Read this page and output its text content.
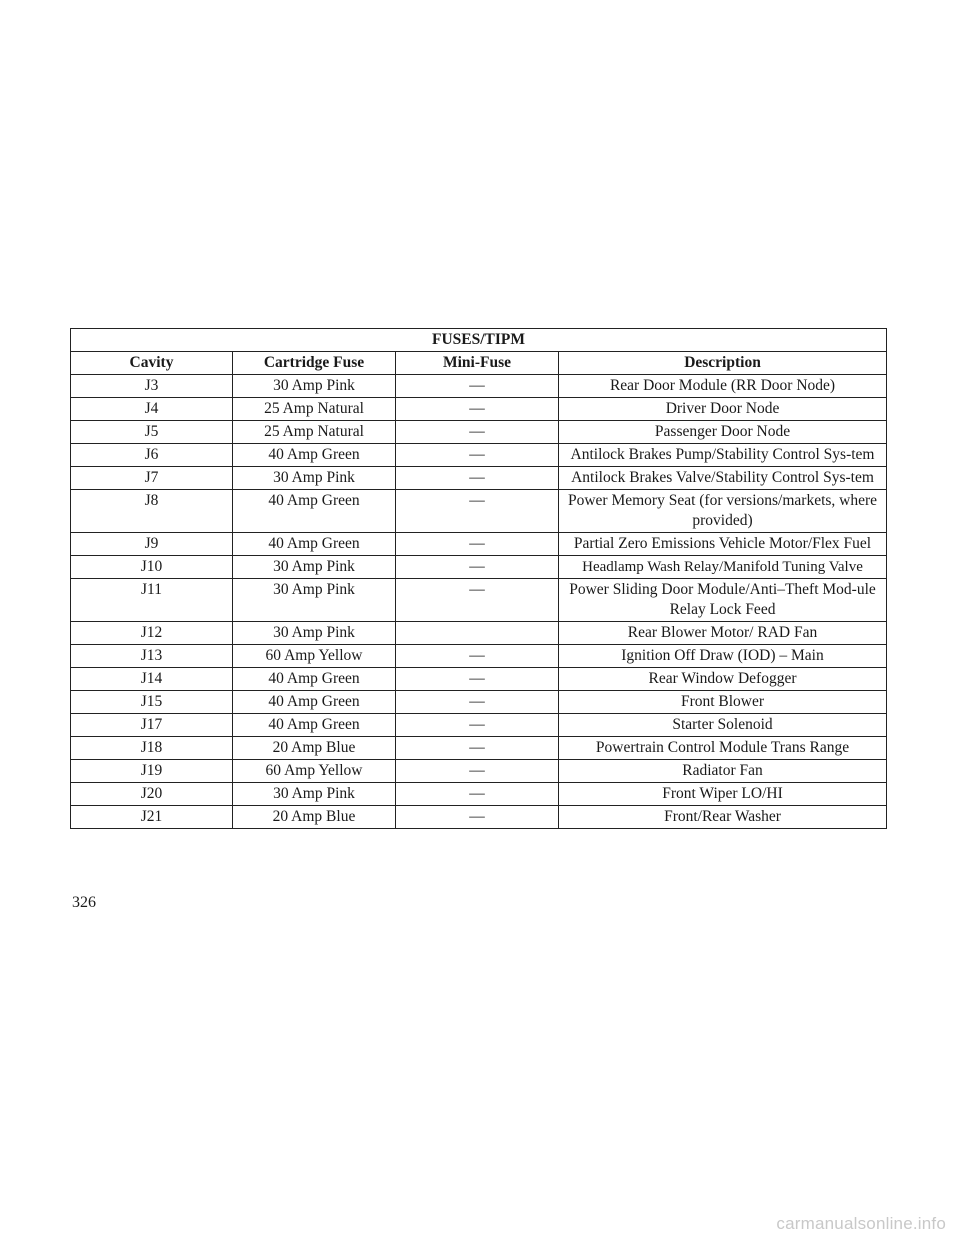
FUSES/TIPM			
Cavity	Cartridge Fuse	Mini-Fuse	Description
J3	30 Amp Pink	—	Rear Door Module (RR Door Node)
J4	25 Amp Natural	—	Driver Door Node
J5	25 Amp Natural	—	Passenger Door Node
J6	40 Amp Green	—	Antilock Brakes Pump/Stability Control Sys-tem
J7	30 Amp Pink	—	Antilock Brakes Valve/Stability Control Sys-tem
J8	40 Amp Green	—	Power Memory Seat (for versions/markets, where provided)
J9	40 Amp Green	—	Partial Zero Emissions Vehicle Motor/Flex Fuel
J10	30 Amp Pink	—	Headlamp Wash Relay/Manifold Tuning Valve
J11	30 Amp Pink	—	Power Sliding Door Module/Anti–Theft Mod-ule Relay Lock Feed
J12	30 Amp Pink		Rear Blower Motor/ RAD Fan
J13	60 Amp Yellow	—	Ignition Off Draw (IOD) – Main
J14	40 Amp Green	—	Rear Window Defogger
J15	40 Amp Green	—	Front Blower
J17	40 Amp Green	—	Starter Solenoid
J18	20 Amp Blue	—	Powertrain Control Module Trans Range
J19	60 Amp Yellow	—	Radiator Fan
J20	30 Amp Pink	—	Front Wiper LO/HI
J21	20 Amp Blue	—	Front/Rear Washer
326
carmanualsonline.info
